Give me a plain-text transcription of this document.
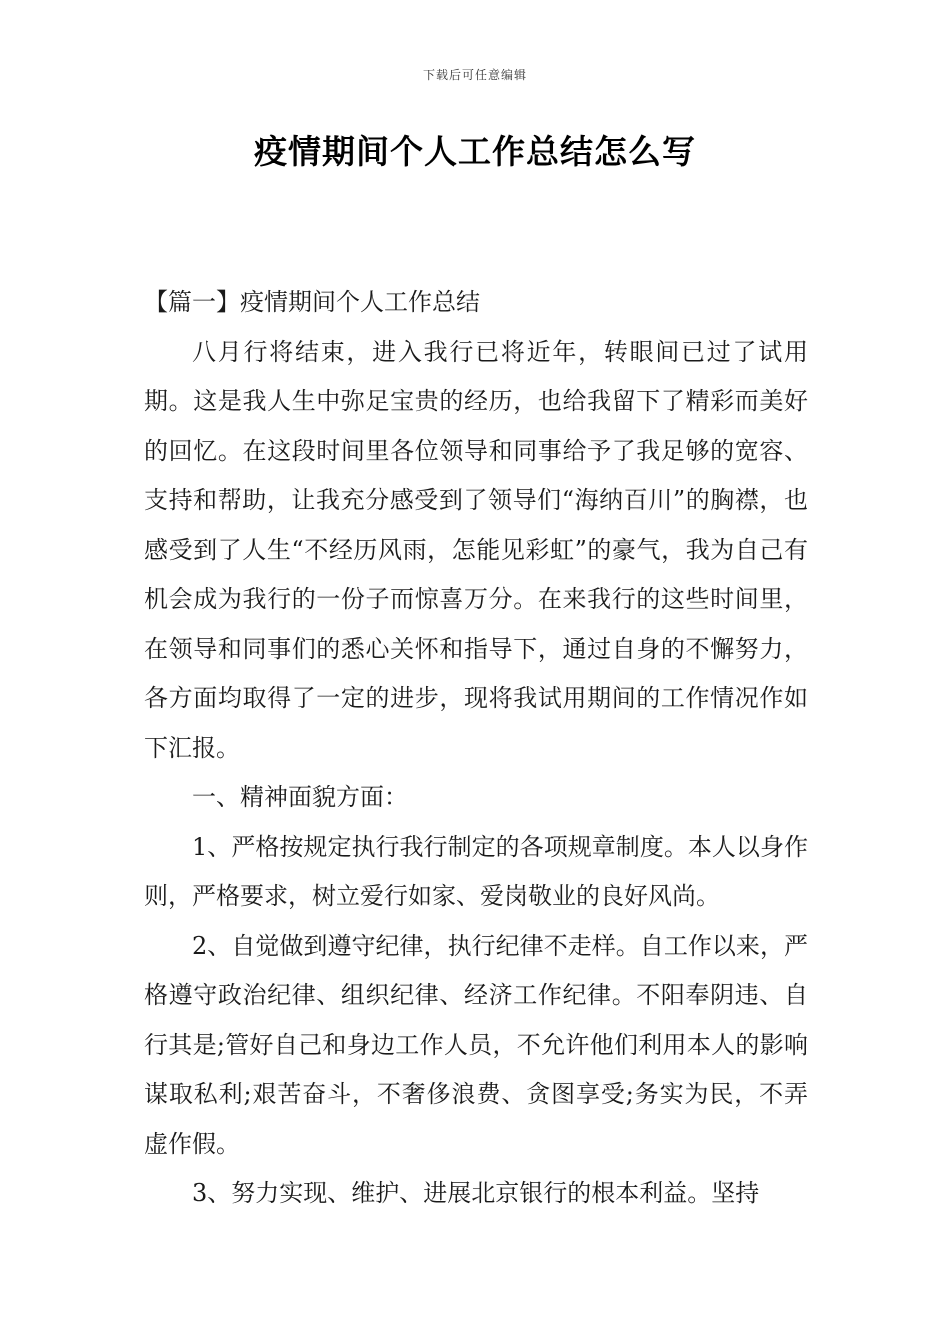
下载后可任意编辑
疫情期间个人工作总结怎么写

【篇一】疫情期间个人工作总结

八月行将结束，进入我行已将近年，转眼间已过了试用期。这是我人生中弥足宝贵的经历，也给我留下了精彩而美好的回忆。在这段时间里各位领导和同事给予了我足够的宽容、支持和帮助，让我充分感受到了领导们“海纳百川”的胸襟，也感受到了人生“不经历风雨，怎能见彩虹”的豪气，我为自己有机会成为我行的一份子而惊喜万分。在来我行的这些时间里，在领导和同事们的悉心关怀和指导下，通过自身的不懈努力，各方面均取得了一定的进步，现将我试用期间的工作情况作如下汇报。

一、精神面貌方面：

1、严格按规定执行我行制定的各项规章制度。本人以身作则，严格要求，树立爱行如家、爱岗敬业的良好风尚。

2、自觉做到遵守纪律，执行纪律不走样。自工作以来，严格遵守政治纪律、组织纪律、经济工作纪律。不阳奉阴违、自行其是;管好自己和身边工作人员，不允许他们利用本人的影响谋取私利;艰苦奋斗，不奢侈浪费、贪图享受;务实为民，不弄虚作假。

3、努力实现、维护、进展北京银行的根本利益。坚持
